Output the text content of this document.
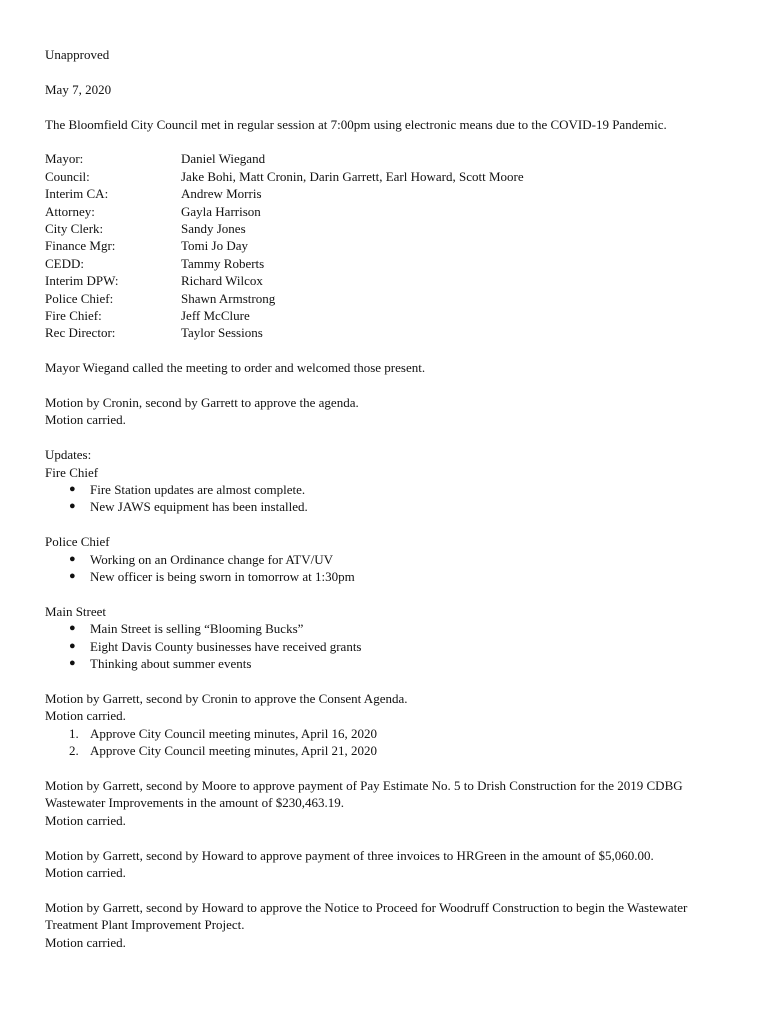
Unapproved

May 7, 2020

The Bloomfield City Council met in regular session at 7:00pm using electronic means due to the COVID-19 Pandemic.

Mayor:	Daniel Wiegand
Council:	Jake Bohi, Matt Cronin, Darin Garrett, Earl Howard, Scott Moore
Interim CA:	Andrew Morris
Attorney:	Gayla Harrison
City Clerk:	Sandy Jones
Finance Mgr:	Tomi Jo Day
CEDD:	Tammy Roberts
Interim DPW:	Richard Wilcox
Police Chief:	Shawn Armstrong
Fire Chief:	Jeff McClure
Rec Director:	Taylor Sessions

Mayor Wiegand called the meeting to order and welcomed those present.

Motion by Cronin, second by Garrett to approve the agenda.

Motion carried.

Updates:

Fire Chief

● Fire Station updates are almost complete.
● New JAWS equipment has been installed.

Police Chief

● Working on an Ordinance change for ATV/UV
● New officer is being sworn in tomorrow at 1:30pm

Main Street

● Main Street is selling “Blooming Bucks”
● Eight Davis County businesses have received grants
● Thinking about summer events

Motion by Garrett, second by Cronin to approve the Consent Agenda.

Motion carried.

1. Approve City Council meeting minutes, April 16, 2020
2. Approve City Council meeting minutes, April 21, 2020

Motion by Garrett, second by Moore to approve payment of Pay Estimate No. 5 to Drish Construction for the 2019 CDBG Wastewater Improvements in the amount of $230,463.19.

Motion carried.

Motion by Garrett, second by Howard to approve payment of three invoices to HRGreen in the amount of $5,060.00.

Motion carried.

Motion by Garrett, second by Howard to approve the Notice to Proceed for Woodruff Construction to begin the Wastewater Treatment Plant Improvement Project.

Motion carried.
